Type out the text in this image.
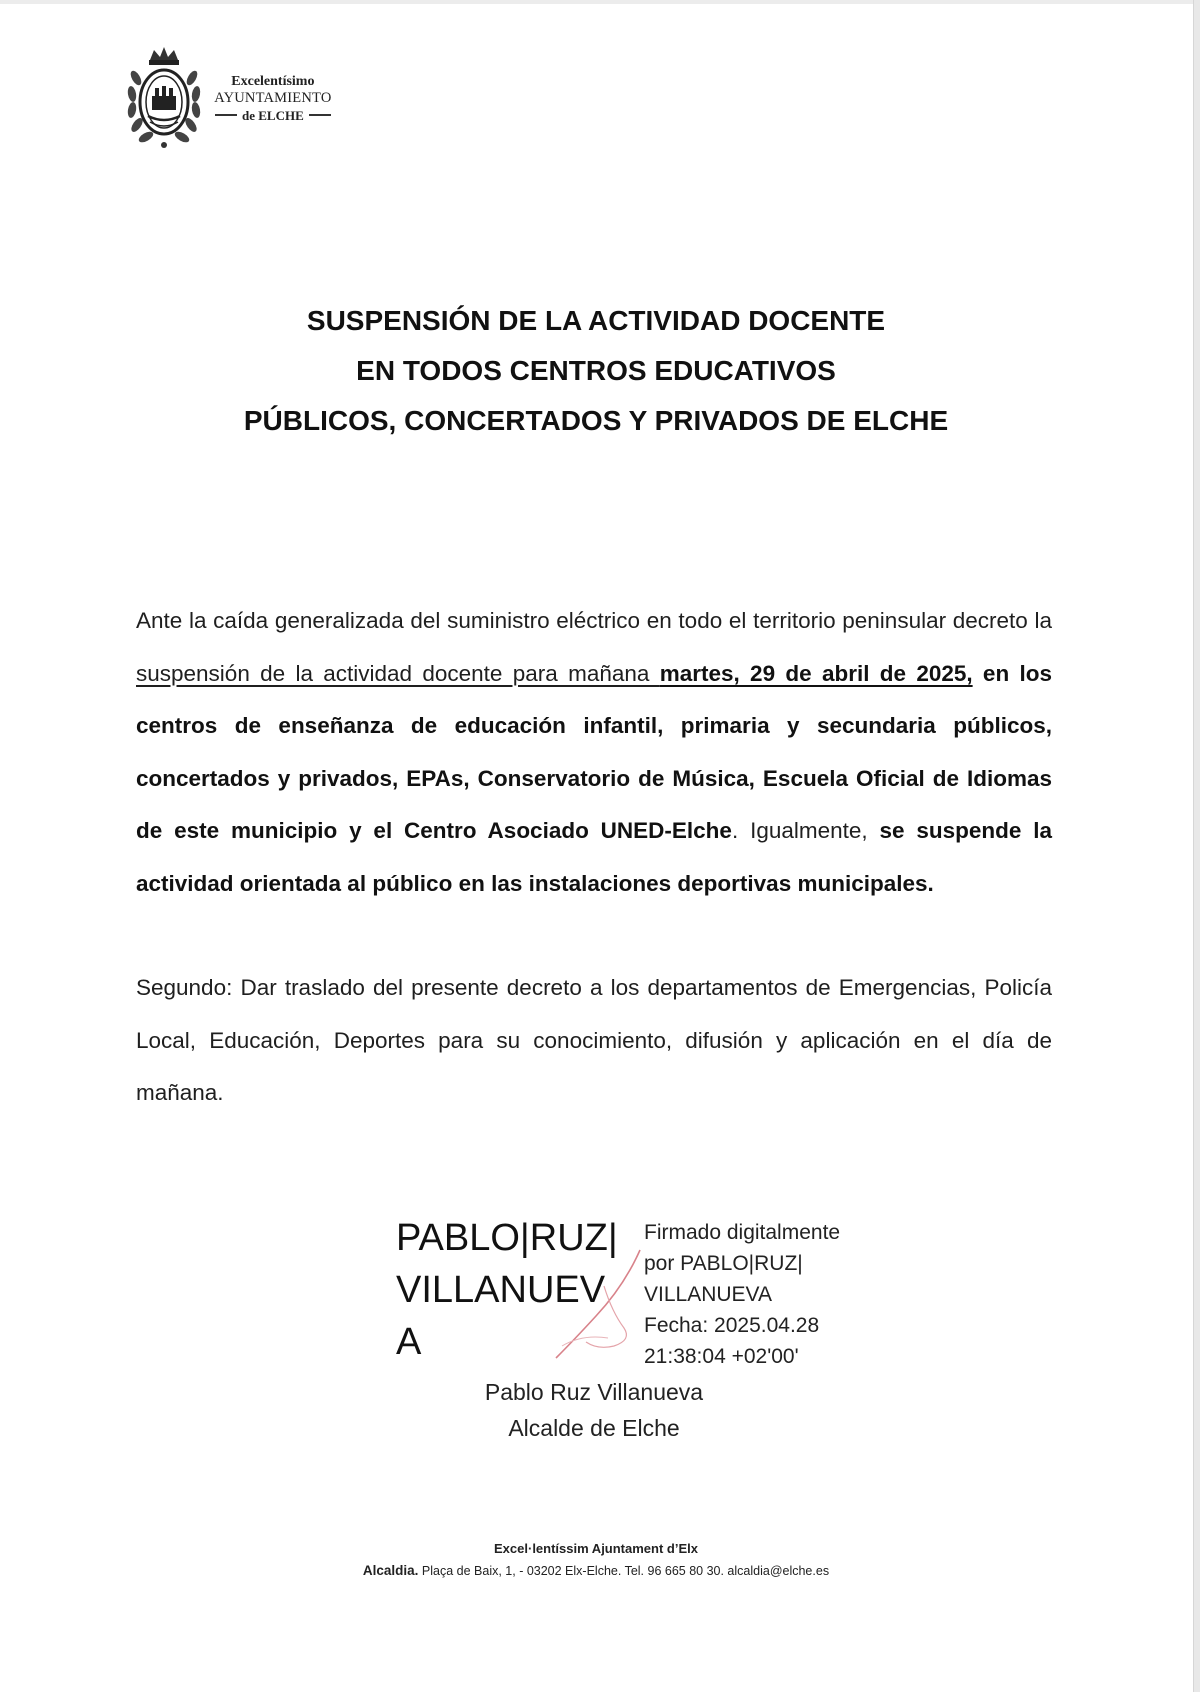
Excelentísimo
AYUNTAMIENTO
de ELCHE
SUSPENSIÓN DE LA ACTIVIDAD DOCENTE
EN TODOS CENTROS EDUCATIVOS
PÚBLICOS, CONCERTADOS Y PRIVADOS DE ELCHE

Ante la caída generalizada del suministro eléctrico en todo el territorio peninsular decreto la suspensión de la actividad docente para mañana martes, 29 de abril de 2025, en los centros de enseñanza de educación infantil, primaria y secundaria públicos, concertados y privados, EPAs, Conservatorio de Música, Escuela Oficial de Idiomas de este municipio y el Centro Asociado UNED-Elche. Igualmente, se suspende la actividad orientada al público en las instalaciones deportivas municipales.

Segundo: Dar traslado del presente decreto a los departamentos de Emergencias, Policía Local, Educación, Deportes para su conocimiento, difusión y aplicación en el día de mañana.

PABLO|RUZ|
VILLANUEV
A
Firmado digitalmente
por PABLO|RUZ|
VILLANUEVA
Fecha: 2025.04.28
21:38:04 +02'00'
Pablo Ruz Villanueva
Alcalde de Elche
Excel·lentíssim Ajuntament d’Elx
Alcaldia. Plaça de Baix, 1, - 03202 Elx-Elche. Tel. 96 665 80 30. alcaldia@elche.es
